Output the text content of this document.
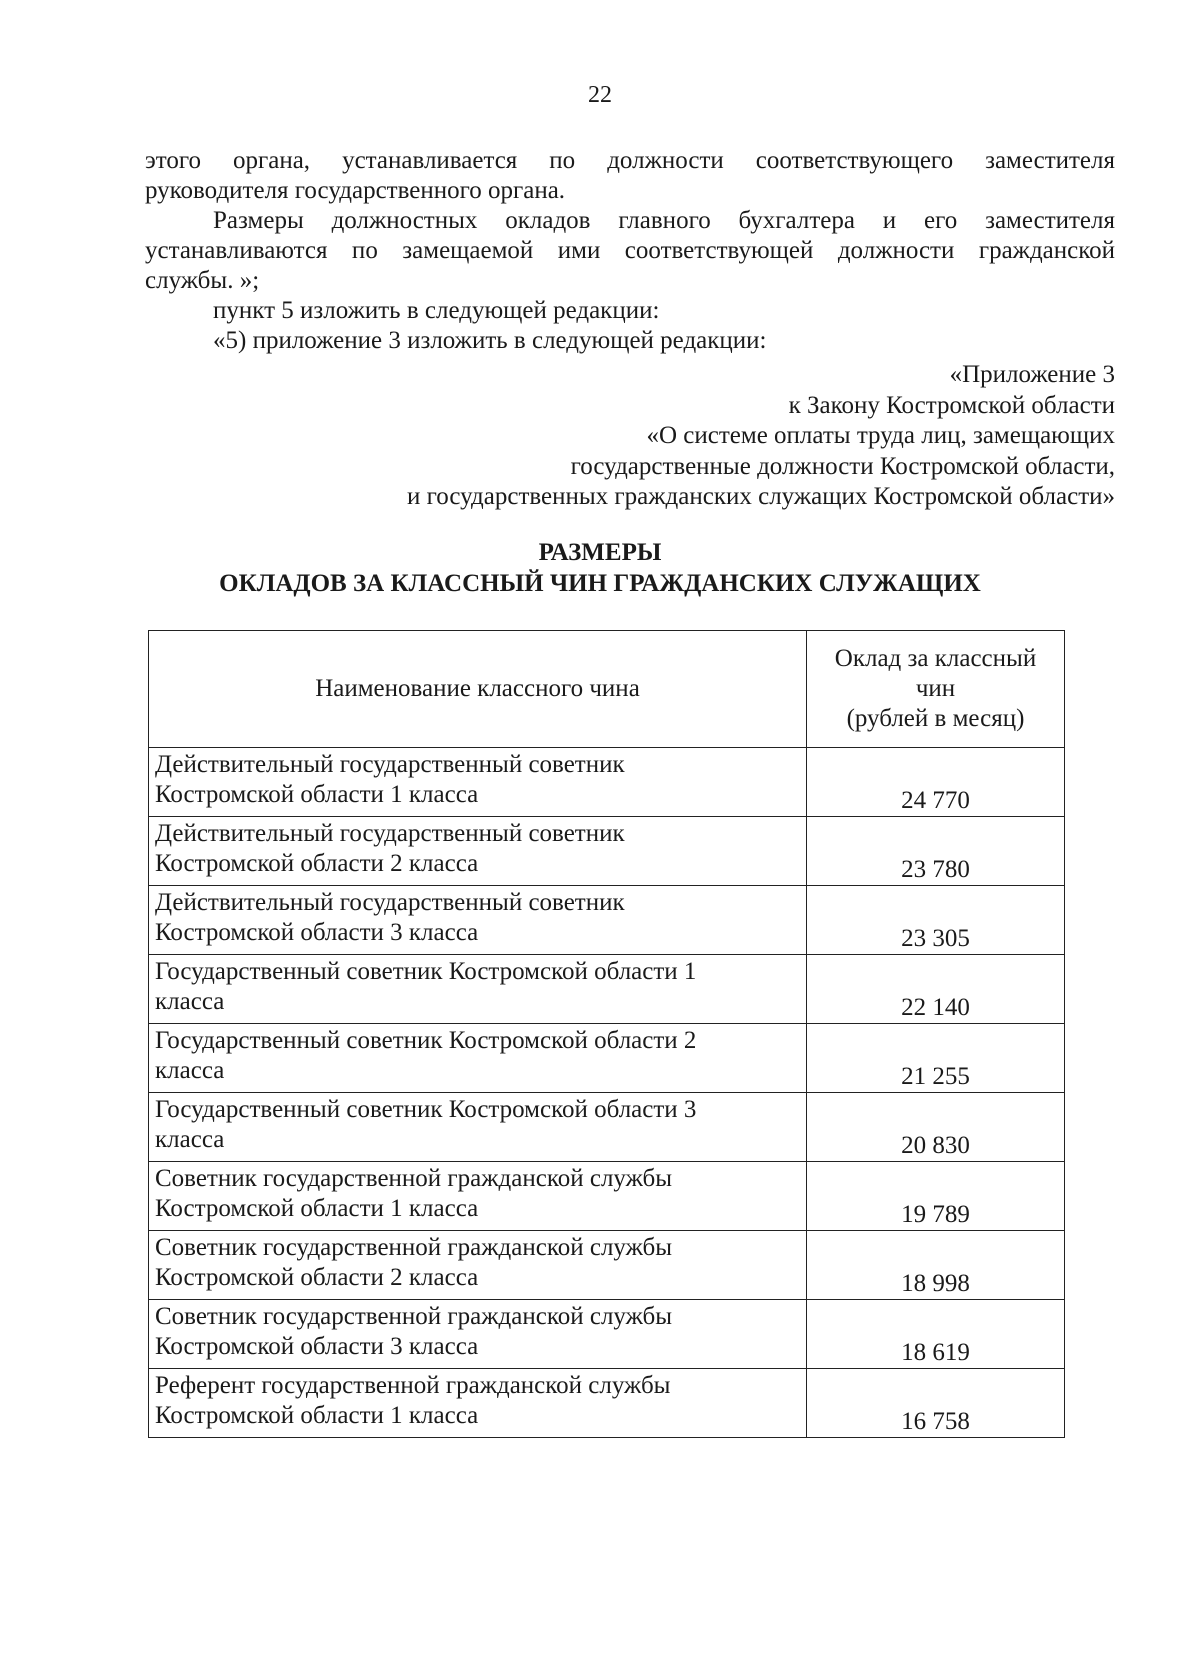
22

этого органа, устанавливается по должности соответствующего заместителя

руководителя государственного органа.

Размеры должностных окладов главного бухгалтера и его заместителя

устанавливаются по замещаемой ими соответствующей должности гражданской

службы. »;

пункт 5 изложить в следующей редакции:

«5) приложение 3 изложить в следующей редакции:

«Приложение 3
к Закону Костромской области
«О системе оплаты труда лиц, замещающих
государственные должности Костромской области,
и государственных гражданских служащих Костромской области»
РАЗМЕРЫ
ОКЛАДОВ ЗА КЛАССНЫЙ ЧИН ГРАЖДАНСКИХ СЛУЖАЩИХ
Наименование классного чина	Оклад за классный
чин
(рублей в месяц)

Действительный государственный советник
Костромской области 1 класса	24 770

Действительный государственный советник
Костромской области 2 класса	23 780

Действительный государственный советник
Костромской области 3 класса	23 305

Государственный советник Костромской области 1
класса	22 140

Государственный советник Костромской области 2
класса	21 255

Государственный советник Костромской области 3
класса	20 830

Советник государственной гражданской службы
Костромской области 1 класса	19 789

Советник государственной гражданской службы
Костромской области 2 класса	18 998

Советник государственной гражданской службы
Костромской области 3 класса	18 619

Референт государственной гражданской службы
Костромской области 1 класса	16 758
